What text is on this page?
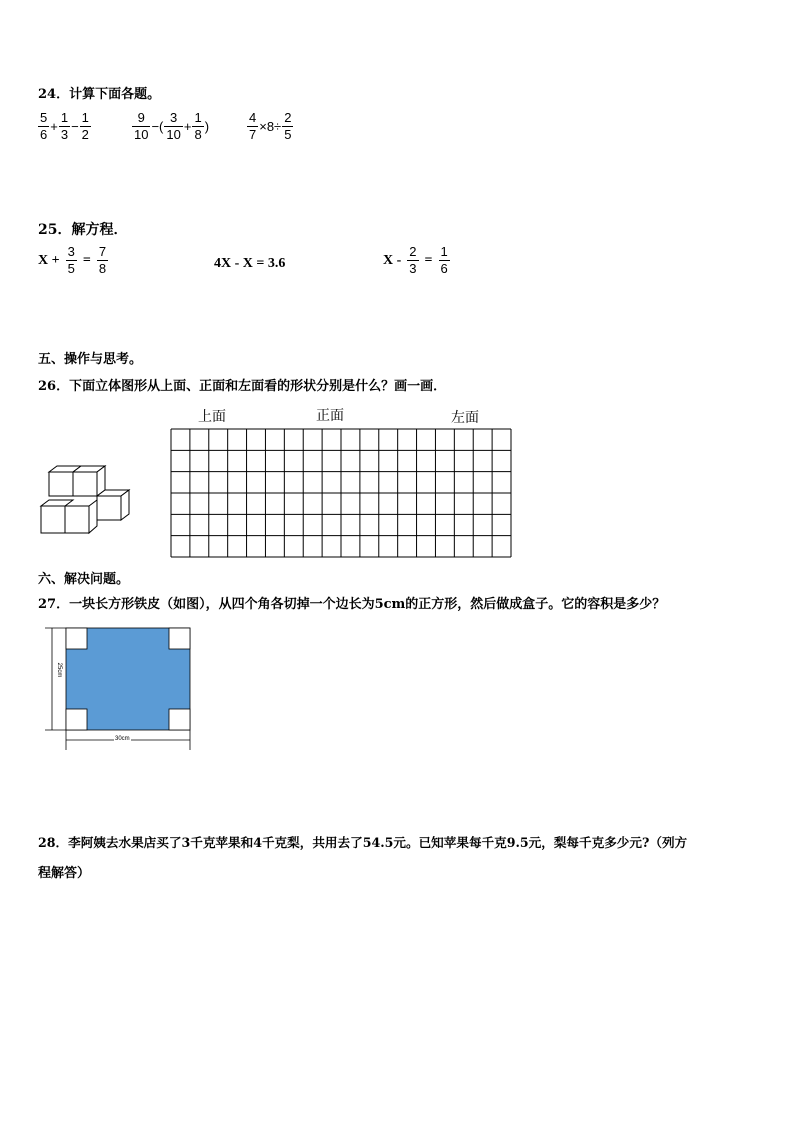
24．计算下面各题。
$\frac{5}{6} + \frac{1}{3} - \frac{1}{2}$	$\frac{9}{10}$ −( $\frac{3}{10} + \frac{1}{8}$ )	$\frac{4}{7} \times 8\div \frac{2}{5}$
25．解方程．
$X + \frac{3}{5} = \frac{7}{8}$	4X - X = 3.6	$X - \frac{2}{3} = \frac{1}{6}$
五、操作与思考。
26．下面立体图形从上面、正面和左面看的形状分别是什么？画一画．
上面	正面	左面
六、解决问题。
27．一块长方形铁皮（如图），从四个角各切掉一个边长为5cm的正方形，然后做成盒子。它的容积是多少？
25cm
30cm
28．李阿姨去水果店买了3千克苹果和4千克梨，共用去了54.5元。已知苹果每千克9.5元，梨每千克多少元?（列方
程解答）
